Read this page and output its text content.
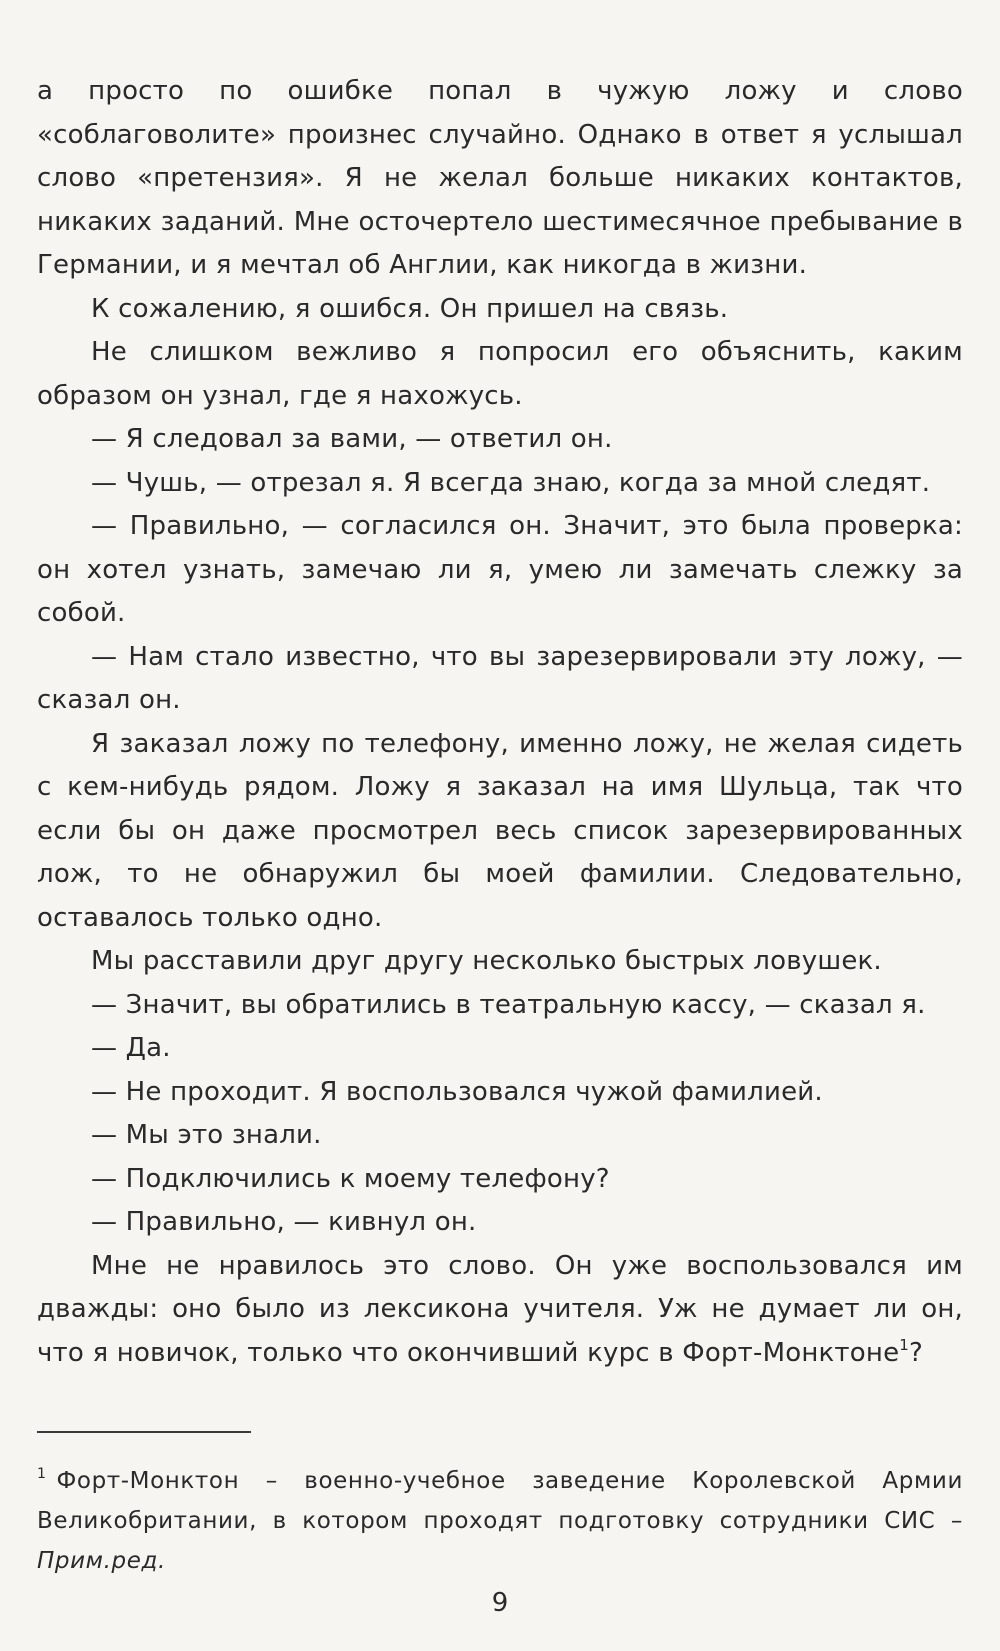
а просто по ошибке попал в чужую ложу и слово «соблаговолите» произнес случайно. Однако в ответ я услышал слово «претензия». Я не желал больше никаких контактов, никаких заданий. Мне осточертело шестимесячное пребывание в Германии, и я мечтал об Англии, как никогда в жизни.

К сожалению, я ошибся. Он пришел на связь.

Не слишком вежливо я попросил его объяснить, каким образом он узнал, где я нахожусь.

— Я следовал за вами, — ответил он.

— Чушь, — отрезал я. Я всегда знаю, когда за мной следят.

— Правильно, — согласился он. Значит, это была проверка: он хотел узнать, замечаю ли я, умею ли замечать слежку за собой.

— Нам стало известно, что вы зарезервировали эту ложу, — сказал он.

Я заказал ложу по телефону, именно ложу, не желая сидеть с кем-нибудь рядом. Ложу я заказал на имя Шульца, так что если бы он даже просмотрел весь список зарезервированных лож, то не обнаружил бы моей фамилии. Следовательно, оставалось только одно.

Мы расставили друг другу несколько быстрых ловушек.

— Значит, вы обратились в театральную кассу, — сказал я.

— Да.

— Не проходит. Я воспользовался чужой фамилией.

— Мы это знали.

— Подключились к моему телефону?

— Правильно, — кивнул он.

Мне не нравилось это слово. Он уже воспользовался им дважды: оно было из лексикона учителя. Уж не думает ли он, что я новичок, только что окончивший курс в Форт-Монктоне$^1$?

$^1$ Форт-Монктон – военно-учебное заведение Королевской Армии Великобритании, в котором проходят подготовку сотрудники СИС – Прим.ред.
9
